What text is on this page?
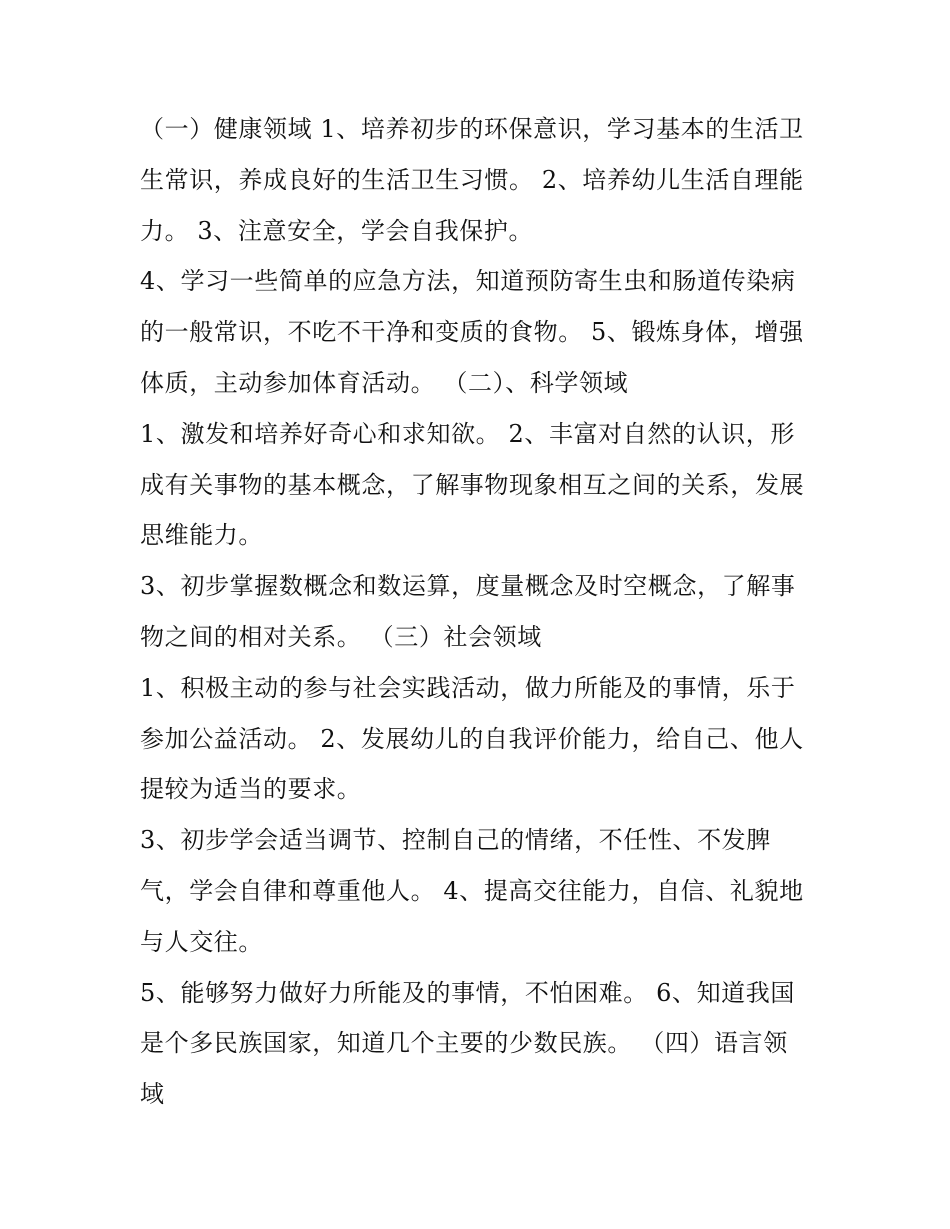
（一）健康领域 1、培养初步的环保意识，学习基本的生活卫
生常识，养成良好的生活卫生习惯。 2、培养幼儿生活自理能
力。 3、注意安全，学会自我保护。
4、学习一些简单的应急方法，知道预防寄生虫和肠道传染病
的一般常识，不吃不干净和变质的食物。 5、锻炼身体，增强
体质，主动参加体育活动。 （二）、科学领域
1、激发和培养好奇心和求知欲。 2、丰富对自然的认识，形
成有关事物的基本概念，了解事物现象相互之间的关系，发展
思维能力。
3、初步掌握数概念和数运算，度量概念及时空概念，了解事
物之间的相对关系。 （三）社会领域
1、积极主动的参与社会实践活动，做力所能及的事情，乐于
参加公益活动。 2、发展幼儿的自我评价能力，给自己、他人
提较为适当的要求。
3、初步学会适当调节、控制自己的情绪，不任性、不发脾
气，学会自律和尊重他人。 4、提高交往能力，自信、礼貌地
与人交往。
5、能够努力做好力所能及的事情，不怕困难。 6、知道我国
是个多民族国家，知道几个主要的少数民族。 （四）语言领
域
